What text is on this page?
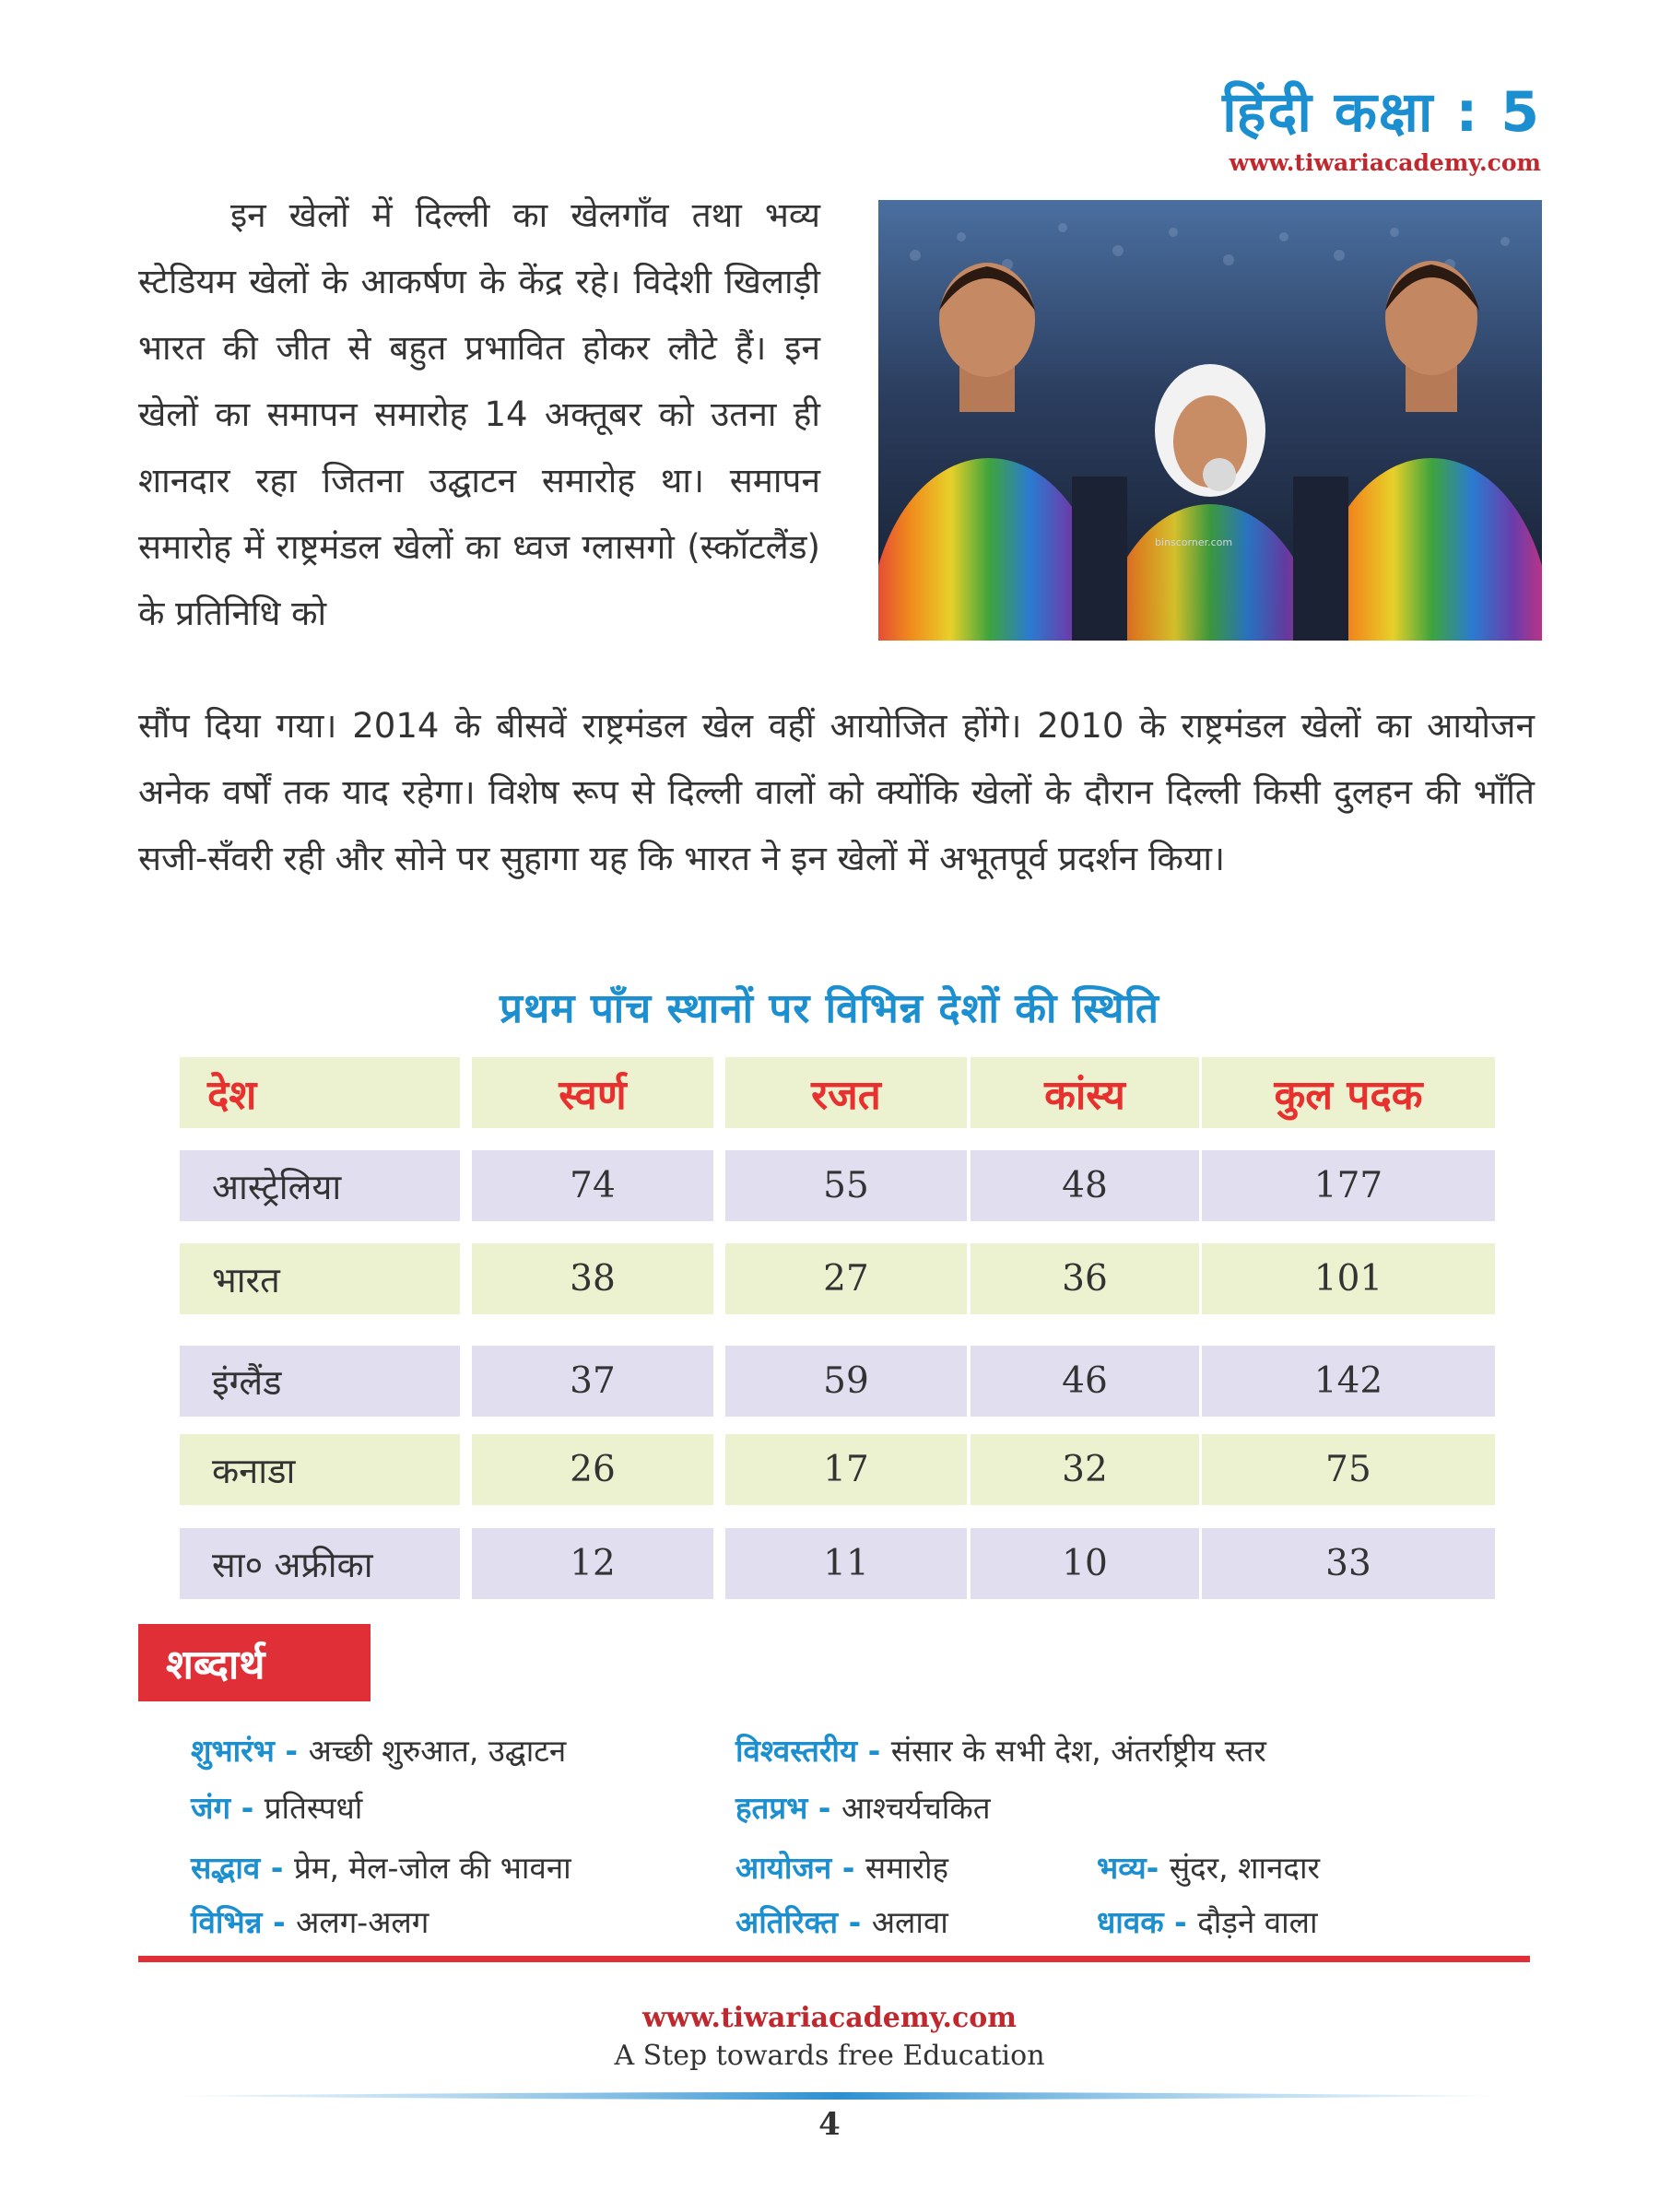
हिंदी कक्षा : 5
www.tiwariacademy.com
इन खेलों में दिल्ली का खेलगाँव तथा भव्य स्टेडियम खेलों के आकर्षण के केंद्र रहे। विदेशी खिलाड़ी भारत की जीत से बहुत प्रभावित होकर लौटे हैं। इन खेलों का समापन समारोह 14 अक्तूबर को उतना ही शानदार रहा जितना उद्घाटन समारोह था। समापन समारोह में राष्ट्रमंडल खेलों का ध्वज ग्लासगो (स्कॉटलैंड) के प्रतिनिधि को
binscorner.com
सौंप दिया गया। 2014 के बीसवें राष्ट्रमंडल खेल वहीं आयोजित होंगे। 2010 के राष्ट्रमंडल खेलों का आयोजन अनेक वर्षों तक याद रहेगा। विशेष रूप से दिल्ली वालों को क्योंकि खेलों के दौरान दिल्ली किसी दुलहन की भाँति सजी-सँवरी रही और सोने पर सुहागा यह कि भारत ने इन खेलों में अभूतपूर्व प्रदर्शन किया।
प्रथम पाँच स्थानों पर विभिन्न देशों की स्थिति
देश	स्वर्ण	रजत	कांस्य	कुल पदक
आस्ट्रेलिया	74	55	48	177
भारत	38	27	36	101
इंग्लैंड	37	59	46	142
कनाडा	26	17	32	75
सा० अफ्रीका	12	11	10	33
शब्दार्थ
शुभारंभ - अच्छी शुरुआत, उद्घाटन	विश्वस्तरीय - संसार के सभी देश, अंतर्राष्ट्रीय स्तर
जंग - प्रतिस्पर्धा	हतप्रभ - आश्चर्यचकित
सद्भाव - प्रेम, मेल-जोल की भावना	आयोजन - समारोह	भव्य- सुंदर, शानदार
विभिन्न - अलग-अलग	अतिरिक्त - अलावा	धावक - दौड़ने वाला
www.tiwariacademy.com
A Step towards free Education
4
